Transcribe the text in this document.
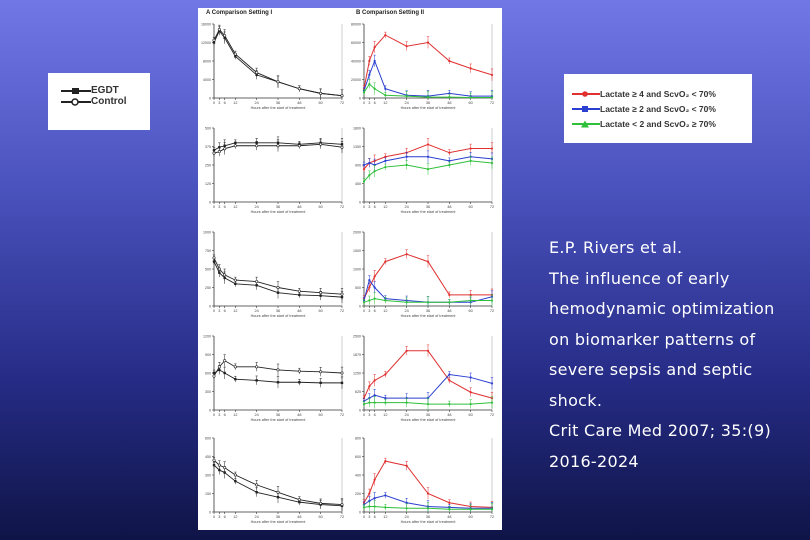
EGDT
Control
Lactate ≥ 4 and ScvO₂ < 70%
Lactate ≥ 2 and ScvO₂ < 70%
Lactate < 2 and ScvO₂ ≥ 70%
A Comparison Setting I	B Comparison Setting II
0
4000
8000
12000
16000
0 3 6 12	24	36	48	60	72
Hours after the start of treatment
0
20000
40000
60000
80000
0 3 6 12	24	36	48	60	72
Hours after the start of treatment
0
125
250
375
500
0 3 6 12	24	36	48	60	72
Hours after the start of treatment
0
450
900
1350
1800
0 3 6 12	24	36	48	60	72
Hours after the start of treatment
0
250
500
750
1000
0 3 6 12	24	36	48	60	72
Hours after the start of treatment
0
500
1000
1500
2000
0 3 6 12	24	36	48	60	72
Hours after the start of treatment
0
300
600
900
1200
0 3 6 12	24	36	48	60	72
Hours after the start of treatment
0
625
1250
1875
2500
0 3 6 12	24	36	48	60	72
Hours after the start of treatment
0
150
300
450
600
0 3 6 12	24	36	48	60	72
Hours after the start of treatment
0
200
400
600
800
0 3 6 12	24	36	48	60	72
Hours after the start of treatment
E.P. Rivers et al.
The influence of early
hemodynamic optimization
on biomarker patterns of
severe sepsis and septic
shock.
Crit Care Med 2007; 35:(9)
2016-2024
